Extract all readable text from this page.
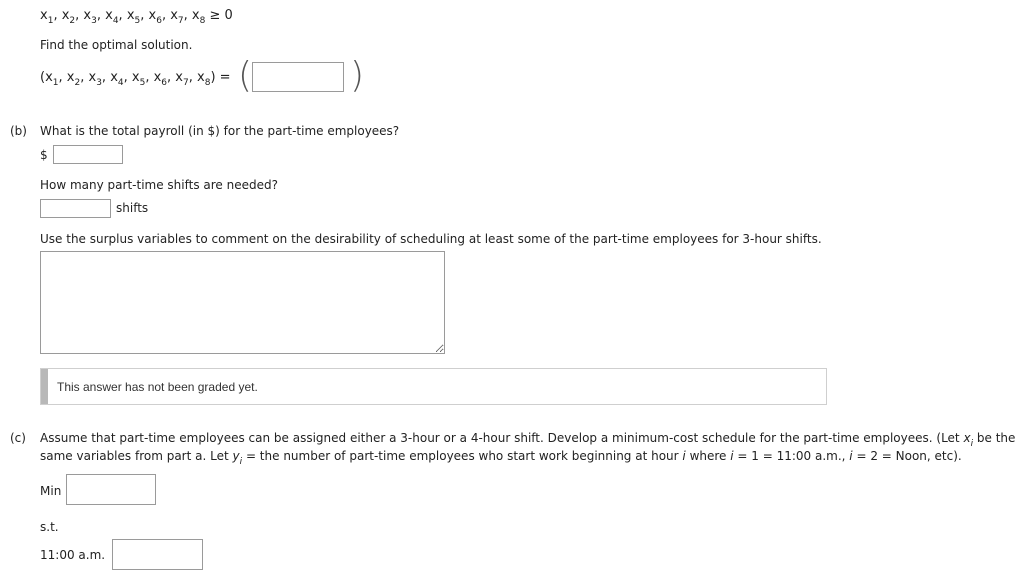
$x_1$, $x_2$, $x_3$, $x_4$, $x_5$, $x_6$, $x_7$, $x_8 \ge 0$
Find the optimal solution.
($x_1$, $x_2$, $x_3$, $x_4$, $x_5$, $x_6$, $x_7$, $x_8$) = (	)
(b) What is the total payroll (in $) for the part-time employees?
$
How many part-time shifts are needed?
shifts
Use the surplus variables to comment on the desirability of scheduling at least some of the part-time employees for 3-hour shifts.
This answer has not been graded yet.
(c) Assume that part-time employees can be assigned either a 3-hour or a 4-hour shift. Develop a minimum-cost schedule for the part-time employees. (Let $x_i$ be the
same variables from part a. Let $y_i$ = the number of part-time employees who start work beginning at hour i where i = 1 = 11:00 a.m., i = 2 = Noon, etc).
Min
s.t.
11:00 a.m.
